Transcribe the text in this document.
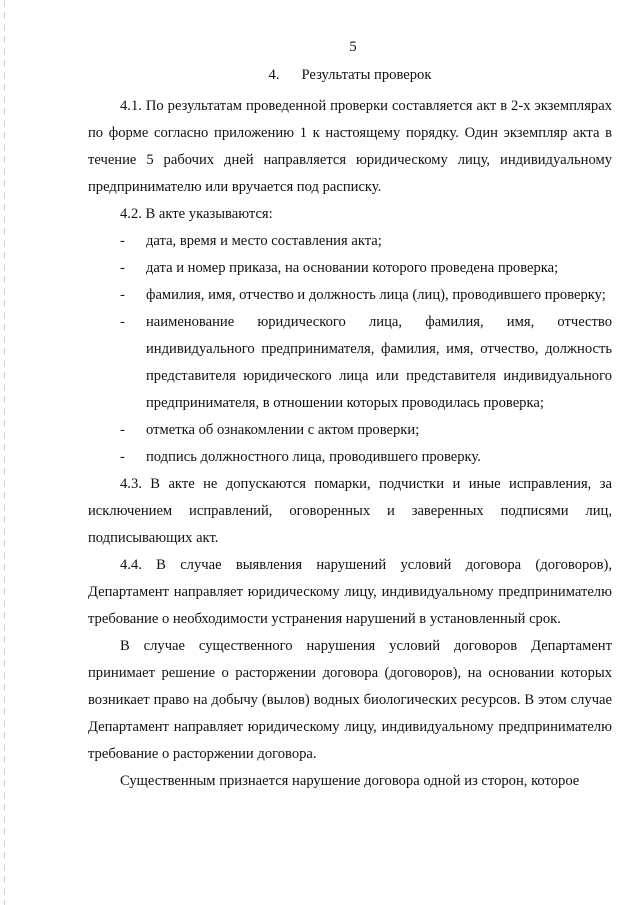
5
4. Результаты проверок

4.1. По результатам проведенной проверки составляется акт в 2-х экземплярах по форме согласно приложению 1 к настоящему порядку. Один экземпляр акта в течение 5 рабочих дней направляется юридическому лицу, индивидуальному предпринимателю или вручается под расписку.

4.2. В акте указываются:

- дата, время и место составления акта;

- дата и номер приказа, на основании которого проведена проверка;

- фамилия, имя, отчество и должность лица (лиц), проводившего проверку;

- наименование юридического лица, фамилия, имя, отчество индивидуального предпринимателя, фамилия, имя, отчество, должность представителя юридического лица или представителя индивидуального предпринимателя, в отношении которых проводилась проверка;

- отметка об ознакомлении с актом проверки;

- подпись должностного лица, проводившего проверку.

4.3. В акте не допускаются помарки, подчистки и иные исправления, за исключением исправлений, оговоренных и заверенных подписями лиц, подписывающих акт.

4.4. В случае выявления нарушений условий договора (договоров), Департамент направляет юридическому лицу, индивидуальному предпринимателю требование о необходимости устранения нарушений в установленный срок.

В случае существенного нарушения условий договоров Департамент принимает решение о расторжении договора (договоров), на основании которых возникает право на добычу (вылов) водных биологических ресурсов. В этом случае Департамент направляет юридическому лицу, индивидуальному предпринимателю требование о расторжении договора.

Существенным признается нарушение договора одной из сторон, которое
